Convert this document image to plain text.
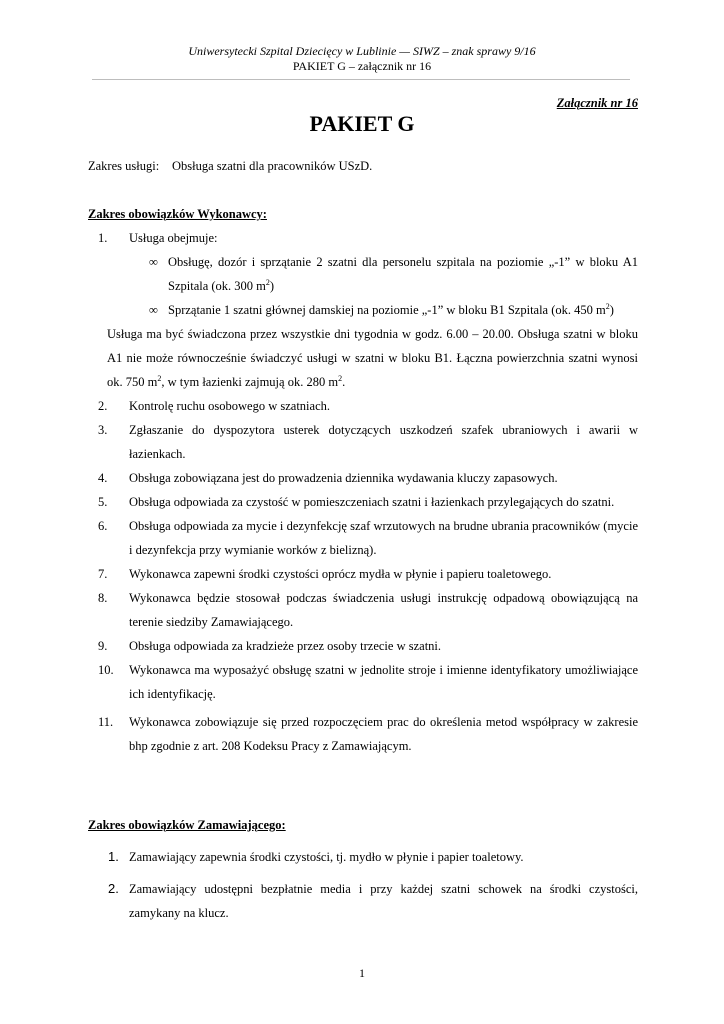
Uniwersytecki Szpital Dziecięcy w Lublinie — SIWZ – znak sprawy 9/16
PAKIET G – załącznik nr 16
Załącznik nr 16
PAKIET G
Zakres usługi: Obsługa szatni dla pracowników USzD.
Zakres obowiązków Wykonawcy:
1. Usługa obejmuje:
∞ Obsługę, dozór i sprzątanie 2 szatni dla personelu szpitala na poziomie „-1” w bloku A1 Szpitala (ok. 300 $m^2$)
∞ Sprzątanie 1 szatni głównej damskiej na poziomie „-1” w bloku B1 Szpitala (ok. 450 $m^2$)
Usługa ma być świadczona przez wszystkie dni tygodnia w godz. 6.00 – 20.00. Obsługa szatni w bloku A1 nie może równocześnie świadczyć usługi w szatni w bloku B1. Łączna powierzchnia szatni wynosi ok. 750 $m^2$, w tym łazienki zajmują ok. 280 $m^2$.
2. Kontrolę ruchu osobowego w szatniach.
3. Zgłaszanie do dyspozytora usterek dotyczących uszkodzeń szafek ubraniowych i awarii w łazienkach.
4. Obsługa zobowiązana jest do prowadzenia dziennika wydawania kluczy zapasowych.
5. Obsługa odpowiada za czystość w pomieszczeniach szatni i łazienkach przylegających do szatni.
6. Obsługa odpowiada za mycie i dezynfekcję szaf wrzutowych na brudne ubrania pracowników (mycie i dezynfekcja przy wymianie worków z bielizną).
7. Wykonawca zapewni środki czystości oprócz mydła w płynie i papieru toaletowego.
8. Wykonawca będzie stosował podczas świadczenia usługi instrukcję odpadową obowiązującą na terenie siedziby Zamawiającego.
9. Obsługa odpowiada za kradzieże przez osoby trzecie w szatni.
10. Wykonawca ma wyposażyć obsługę szatni w jednolite stroje i imienne identyfikatory umożliwiające ich identyfikację.
11. Wykonawca zobowiązuje się przed rozpoczęciem prac do określenia metod współpracy w zakresie bhp zgodnie z art. 208 Kodeksu Pracy z Zamawiającym.
Zakres obowiązków Zamawiającego:
1. Zamawiający zapewnia środki czystości, tj. mydło w płynie i papier toaletowy.
2. Zamawiający udostępni bezpłatnie media i przy każdej szatni schowek na środki czystości, zamykany na klucz.
1
